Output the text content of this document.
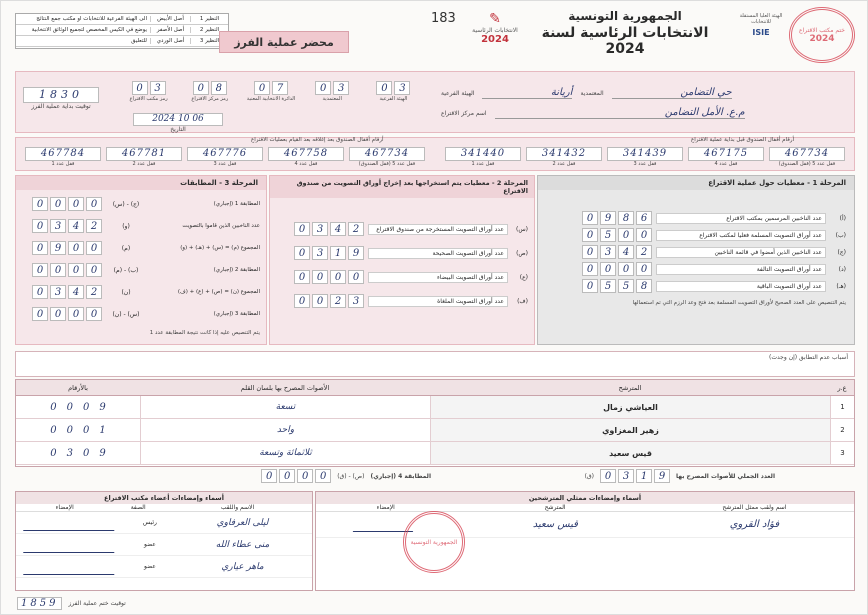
النظير 1
أصل الأبيض
الى الهيئة الفرعية للانتخابات أو مكتب جمع النتائج
النظير 2
أصل الأصفر
يوضع في الكيس المخصص لتجميع الوثائق الانتخابية
النظير 3
أصل الوردي
للتعليق	محضر عملية الفرز
183	✎
الانتخابات الرئاسية
2024
الجمهورية التونسية
الانتخابات الرئاسية لسنة 2024
الهيئة العليا المستقلة للانتخابات
ISIE	ختم مكتب الاقتراع
2024
1830
توقيت بداية عملية الفرز
0	3
رمز مكتب الاقتراع
0	8
رمز مركز الاقتراع
0	7
الدائرة الانتخابية المعنية
0	3
المعتمدية
0	3
الهيئة الفرعية
2024 10 06
التاريخ
حي التضامن
المعتمدية
أريانة
الهيئة الفرعية
م.ع. الأمل التضامن
اسم مركز الاقتراع
أرقام أقفال الصندوق بعد إغلاقه بعد القيام بعمليات الاقتراع	أرقام أقفال الصندوق قبل بداية عملية الاقتراع
467784
قفل عدد 1
467781
قفل عدد 2
467776
قفل عدد 3
467758
قفل عدد 4
467734
قفل عدد 5 (قفل الصندوق)
341440
قفل عدد 1
341432
قفل عدد 2
341439
قفل عدد 3
467175
قفل عدد 4
467734
قفل عدد 5 (قفل الصندوق)
المرحلة 3 - المطابقات
المطابقة 1 (إجباري)
(ج) - (س)
0	0	0	0
عدد الناخبين الذين قاموا بالتصويت
(و)
0	3	4	2
المجموع (م) = (س) + (هـ) + (و)
(م)
0	9	0	0
المطابقة 2 (إجباري)
(ب) - (م)
0	0	0	0
المجموع (ن) = (ص) + (ع) + (ف)
(ن)
0	3	4	2
المطابقة 3 (إجباري)
(س) - (ن)
0	0	0	0
يتم التنصيص عليه إذا كانت نتيجة المطابقة عدد 1
المرحلة 2 - معطيات يتم استخراجها بعد إخراج أوراق التصويت من صندوق الاقتراع
(س)
عدد أوراق التصويت المستخرجة من صندوق الاقتراع
0	3	4	2
(ص)
عدد أوراق التصويت الصحيحة
0	3	1	9
(ع)
عدد أوراق التصويت البيضاء
0	0	0	0
(ف)
عدد أوراق التصويت الملغاة
0	0	2	3
المرحلة 1 - معطيات حول عملية الاقتراع
(أ)
عدد الناخبين المرسمين بمكتب الاقتراع
0	9	8	6
(ب)
عدد أوراق التصويت المسلمة فعليا لمكتب الاقتراع
0	5	0	0
(ج)
عدد الناخبين الذين أمضوا في قائمة الناخبين
0	3	4	2
(د)
عدد أوراق التصويت التالفة
0	0	0	0
(هـ)
عدد أوراق التصويت الباقية
0	5	5	8
يتم التنصيص على العدد الصحيح لأوراق التصويت المسلمة بعد فتح وعد الرزم التي تم استعمالها
أسباب عدم التطابق (إن وجدت)
ع.ر
المترشح
الأصوات المصرح بها بلسان القلم
بالأرقام
1
العياشي زمال
تسعة
0 0 0 9
2
زهير المغزاوي
واحد
0 0 0 1
3
قيس سعيد
ثلاثمائة وتسعة
0 3 0 9
العدد الجملي للأصوات المصرح بها
0	3	1	9
(ق)
المطابقة 4 (إجباري)
(ص) - (ق)
0	0	0	0
أسماء وإمضاءات أعضاء مكتب الاقتراع
الاسم واللقب
الصفة
الإمضاء
ليلى العرفاوي
رئيس
منى عطاء الله
عضو
ماهر عياري
عضو
أسماء وإمضاءات ممثلي المترشحين
اسم ولقب ممثل المترشح
المترشح
الإمضاء
فؤاد القروي
قيس سعيد
الجمهورية التونسية
1859	توقيت ختم عملية الفرز
